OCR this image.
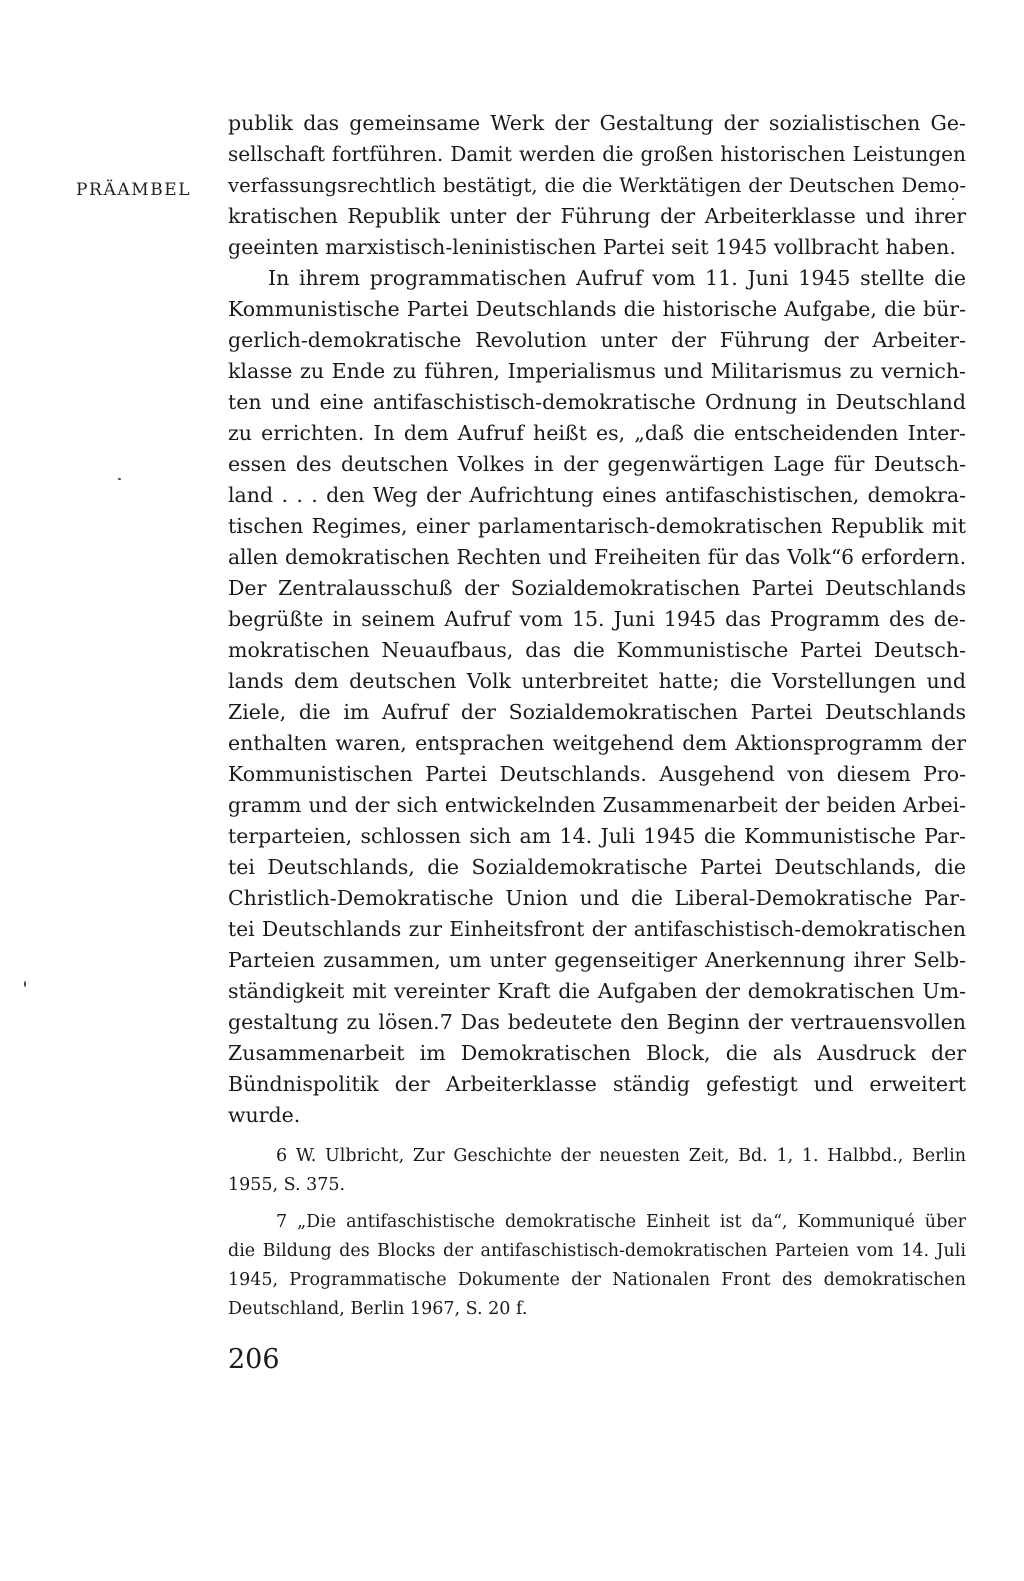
PRÄAMBEL
publik das gemeinsame Werk der Gestaltung der sozialistischen Ge-
sellschaft fortführen. Damit werden die großen historischen Leistungen
verfassungsrechtlich bestätigt, die die Werktätigen der Deutschen Demo-
kratischen Republik unter der Führung der Arbeiterklasse und ihrer
geeinten marxistisch-leninistischen Partei seit 1945 vollbracht haben.
In ihrem programmatischen Aufruf vom 11. Juni 1945 stellte die
Kommunistische Partei Deutschlands die historische Aufgabe, die bür-
gerlich-demokratische Revolution unter der Führung der Arbeiter-
klasse zu Ende zu führen, Imperialismus und Militarismus zu vernich-
ten und eine antifaschistisch-demokratische Ordnung in Deutschland
zu errichten. In dem Aufruf heißt es, „daß die entscheidenden Inter-
essen des deutschen Volkes in der gegenwärtigen Lage für Deutsch-
land . . . den Weg der Aufrichtung eines antifaschistischen, demokra-
tischen Regimes, einer parlamentarisch-demokratischen Republik mit
allen demokratischen Rechten und Freiheiten für das Volk“6 erfordern.
Der Zentralausschuß der Sozialdemokratischen Partei Deutschlands
begrüßte in seinem Aufruf vom 15. Juni 1945 das Programm des de-
mokratischen Neuaufbaus, das die Kommunistische Partei Deutsch-
lands dem deutschen Volk unterbreitet hatte; die Vorstellungen und
Ziele, die im Aufruf der Sozialdemokratischen Partei Deutschlands
enthalten waren, entsprachen weitgehend dem Aktionsprogramm der
Kommunistischen Partei Deutschlands. Ausgehend von diesem Pro-
gramm und der sich entwickelnden Zusammenarbeit der beiden Arbei-
terparteien, schlossen sich am 14. Juli 1945 die Kommunistische Par-
tei Deutschlands, die Sozialdemokratische Partei Deutschlands, die
Christlich-Demokratische Union und die Liberal-Demokratische Par-
tei Deutschlands zur Einheitsfront der antifaschistisch-demokratischen
Parteien zusammen, um unter gegenseitiger Anerkennung ihrer Selb-
ständigkeit mit vereinter Kraft die Aufgaben der demokratischen Um-
gestaltung zu lösen.7 Das bedeutete den Beginn der vertrauensvollen
Zusammenarbeit im Demokratischen Block, die als Ausdruck der
Bündnispolitik der Arbeiterklasse ständig gefestigt und erweitert
wurde.
6 W. Ulbricht, Zur Geschichte der neuesten Zeit, Bd. 1, 1. Halbbd., Berlin
1955, S. 375.
7 „Die antifaschistische demokratische Einheit ist da“, Kommuniqué über
die Bildung des Blocks der antifaschistisch-demokratischen Parteien vom 14. Juli
1945, Programmatische Dokumente der Nationalen Front des demokratischen
Deutschland, Berlin 1967, S. 20 f.
206
